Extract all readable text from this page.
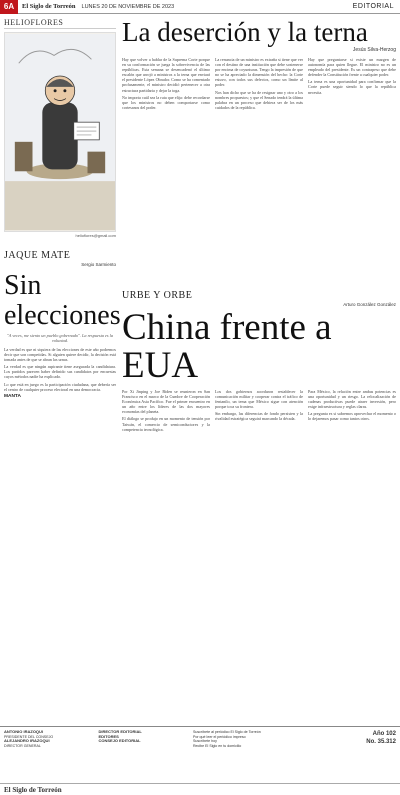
6A	El Siglo de Torreón LUNES 20 DE NOVIEMBRE DE 2023	EDITORIAL
HELIOFLORES
helioflores@gmail.com
La deserción y la terna
Jesús Silva-Herzog

Hay que volver a hablar de la Suprema Corte porque en su conformación se juega la sobrevivencia de las repúblicas. Esta semana se desencadenó el último escalón que arrojó a ministros a la terna que enviará el presidente López Obrador. Como se ha comentado profusamente, el ministro decidió pertenecer a otra estructura partidaria y dejar la toga.

No importa cuál sea la ruta que elija: debe recordarse que los ministros no deben comportarse como cortesanos del poder.

La renuncia de un ministro es extraña si tiene que ver con el destino de una institución que debe sostenerse por encima de coyunturas. Tengo la impresión de que no se ha apreciado la dimensión del hecho: la Corte estuvo, con todos sus defectos, como un límite al poder.

Nos han dicho que se ha de resignar uno y otro a los nombres propuestos; y que el Senado tendrá la última palabra en un proceso que debiera ser de los más cuidados de la república.

Hay que preguntarse si existe un margen de autonomía para quien llegue. El ministro no es un empleado del presidente. Es un contrapeso que debe defender la Constitución frente a cualquier poder.

La terna es una oportunidad para confirmar que la Corte puede seguir siendo lo que la república necesita.

JAQUE MATE
Sergio Sarmiento
Sin elecciones
"A veces, me siento un pueblo gobernado". La respuesta es la voluntad.

La verdad es que ni siquiera de las elecciones de este año podremos decir que son competidas. Si alguien quiere decidir, la decisión está tomada antes de que se abran las urnas.

La verdad es que ningún aspirante tiene asegurada la candidatura. Los partidos parecen haber definido sus candidatos por encuestas cuyos métodos nadie ha explicado.

Lo que está en juego es la participación ciudadana, que debería ser el centro de cualquier proceso electoral en una democracia.

MANTA
URBE Y ORBE
Arturo González González
China frente a EUA

Por Xi Jinping y Joe Biden se reunieron en San Francisco en el marco de la Cumbre de Cooperación Económica Asia Pacífico. Fue el primer encuentro en un año entre los líderes de las dos mayores economías del planeta.

El diálogo se produjo en un momento de tensión por Taiwán, el comercio de semiconductores y la competencia tecnológica.

Los dos gobiernos acordaron restablecer la comunicación militar y cooperar contra el tráfico de fentanilo, un tema que México sigue con atención porque toca su frontera.

Sin embargo, las diferencias de fondo persisten y la rivalidad estratégica seguirá marcando la década.

Para México, la relación entre ambas potencias es una oportunidad y un riesgo. La relocalización de cadenas productivas puede atraer inversión, pero exige infraestructura y reglas claras.

La pregunta es si sabremos aprovechar el momento o lo dejaremos pasar como tantos otros.

ANTONIO IRAZOQUI
PRESIDENTE DEL CONSEJO
ALEJANDRO IRAZOQUI
DIRECTOR GENERAL
DIRECTOR EDITORIAL
EDITORES
CONSEJO EDITORIAL
Suscríbete al periódico El Siglo de Torreón
Por qué leer el periódico impreso
Suscríbete hoy
Recibe El Siglo en tu domicilio
Año 102
No. 35.312
El Siglo de Torreón
